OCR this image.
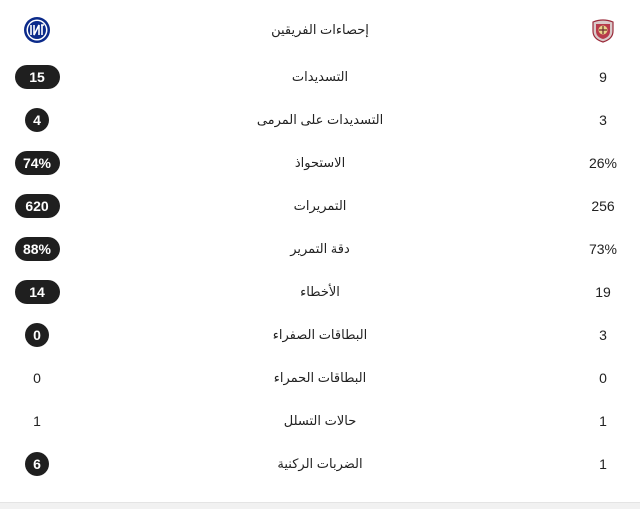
إحصاءات الفريقين
15	التسديدات	9
4	التسديدات على المرمى	3
74%	الاستحواذ	26%
620	التمريرات	256
88%	دقة التمرير	73%
14	الأخطاء	19
0	البطاقات الصفراء	3
0	البطاقات الحمراء	0
1	حالات التسلل	1
6	الضربات الركنية	1
